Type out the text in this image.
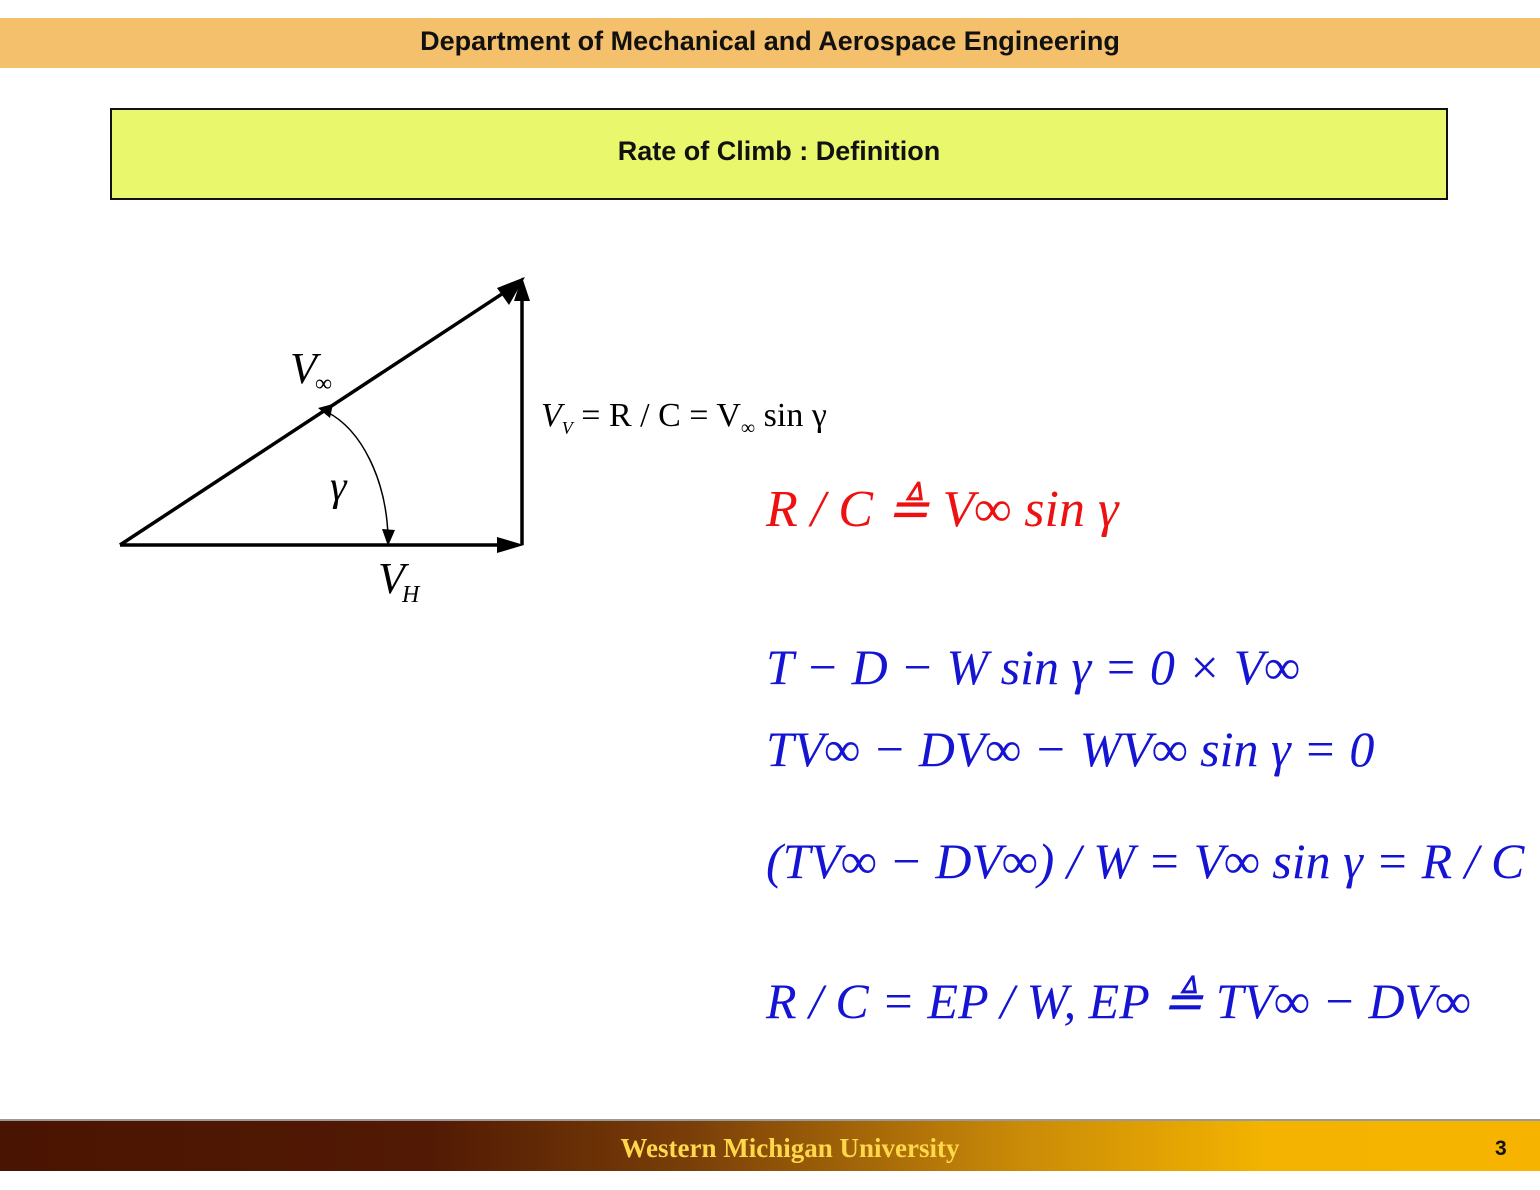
Department of Mechanical and Aerospace Engineering
Rate of Climb : Definition
V
∞
γ
V
H
$V_V = R / C = V_\infty$ sin γ
R / C ≜ V∞ sin γ
T − D − W sin γ = 0 × V∞
TV∞ − DV∞ − WV∞ sin γ = 0
(TV∞ − DV∞) / W = V∞ sin γ = R / C
R / C = EP / W, EP ≜ TV∞ − DV∞
Western Michigan University	3
